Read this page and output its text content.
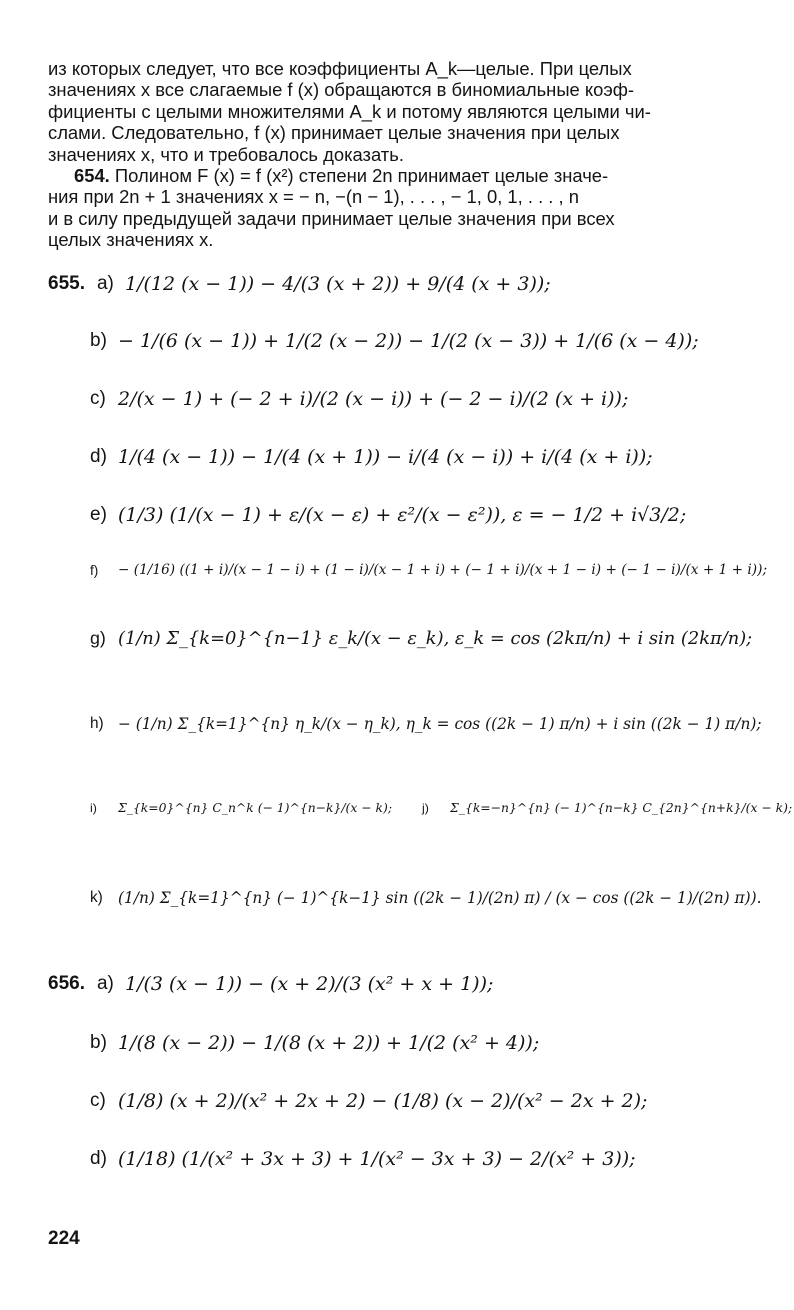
из которых следует, что все коэффициенты A_k—целые. При целых
значениях x все слагаемые f (x) обращаются в биномиальные коэф-
фициенты с целыми множителями A_k и потому являются целыми чи-
слами. Следовательно, f (x) принимает целые значения при целых
значениях x, что и требовалось доказать.

654. Полином F (x) = f (x²) степени 2n принимает целые значе-
ния при 2n + 1 значениях x = − n, −(n − 1), . . . , − 1, 0, 1, . . . , n
и в силу предыдущей задачи принимает целые значения при всех
целых значениях x.

655. a) 1/(12 (x − 1)) − 4/(3 (x + 2)) + 9/(4 (x + 3));
b) − 1/(6 (x − 1)) + 1/(2 (x − 2)) − 1/(2 (x − 3)) + 1/(6 (x − 4));
c) 2/(x − 1) + (− 2 + i)/(2 (x − i)) + (− 2 − i)/(2 (x + i));
d) 1/(4 (x − 1)) − 1/(4 (x + 1)) − i/(4 (x − i)) + i/(4 (x + i));
e) (1/3) (1/(x − 1) + ε/(x − ε) + ε²/(x − ε²)), ε = − 1/2 + i√3/2;
f)	− (1/16) ((1 + i)/(x − 1 − i) + (1 − i)/(x − 1 + i) + (− 1 + i)/(x + 1 − i) + (− 1 − i)/(x + 1 + i));
g) (1/n) Σ_{k=0}^{n−1} ε_k/(x − ε_k), ε_k = cos (2kπ/n) + i sin (2kπ/n);
h) − (1/n) Σ_{k=1}^{n} η_k/(x − η_k), η_k = cos ((2k − 1) π/n) + i sin ((2k − 1) π/n);
i)	Σ_{k=0}^{n} C_n^k (− 1)^{n−k}/(x − k); j)	Σ_{k=−n}^{n} (− 1)^{n−k} C_{2n}^{n+k}/(x − k);
k) (1/n) Σ_{k=1}^{n} (− 1)^{k−1} sin ((2k − 1)/(2n) π) / (x − cos ((2k − 1)/(2n) π)).
656. a) 1/(3 (x − 1)) − (x + 2)/(3 (x² + x + 1));
b) 1/(8 (x − 2)) − 1/(8 (x + 2)) + 1/(2 (x² + 4));
c) (1/8) (x + 2)/(x² + 2x + 2) − (1/8) (x − 2)/(x² − 2x + 2);
d) (1/18) (1/(x² + 3x + 3) + 1/(x² − 3x + 3) − 2/(x² + 3));
224
